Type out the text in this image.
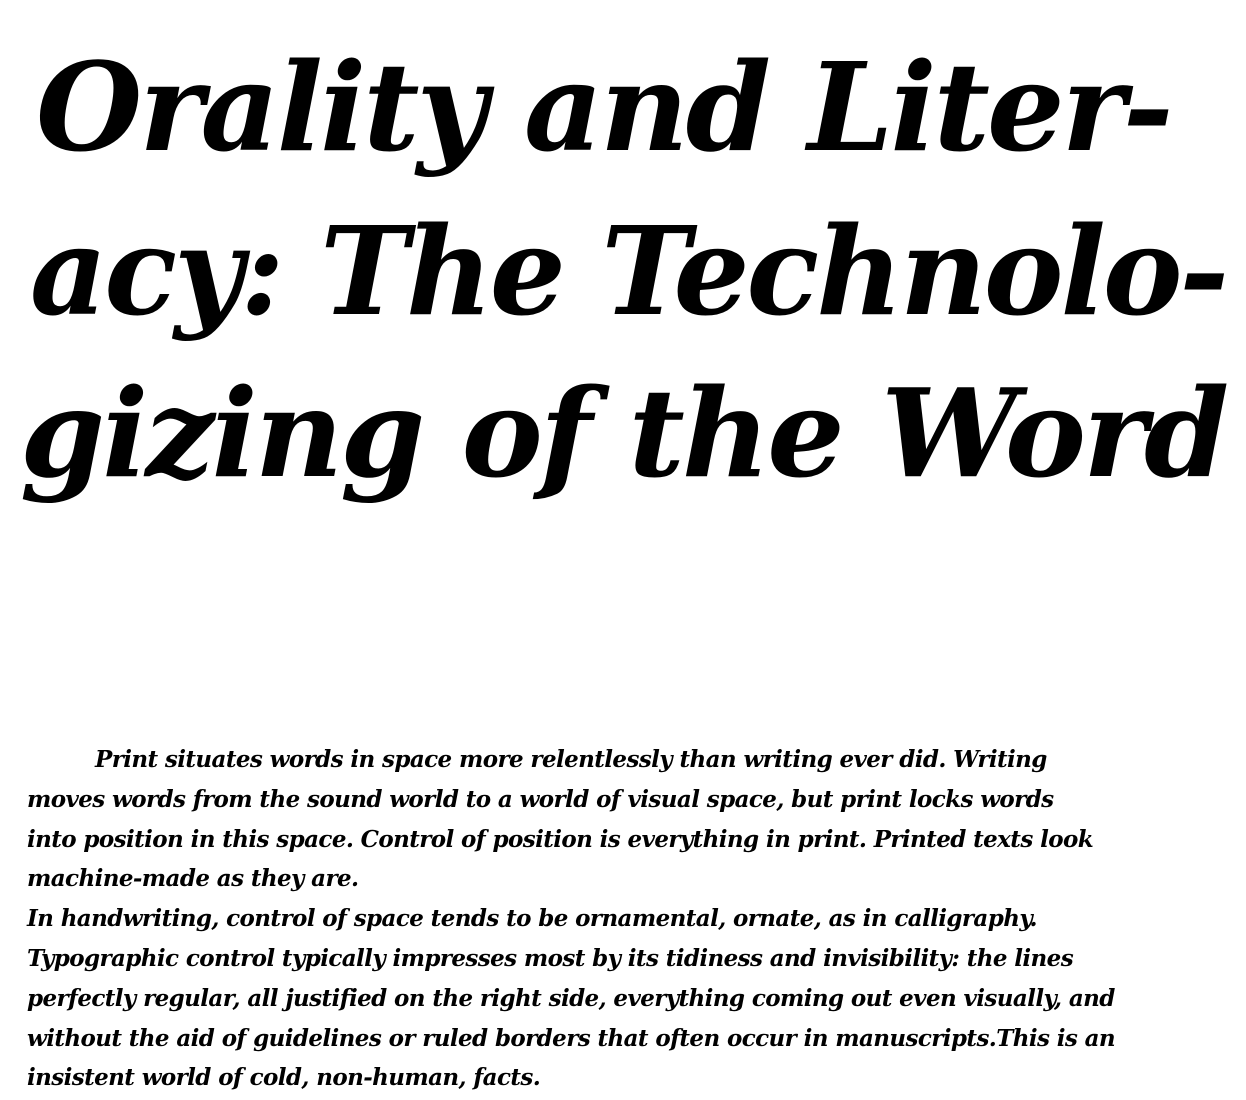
Orality and Liter-
acy: The Technolo-
gizing of the Word
Print situates words in space more relentlessly than writing ever did. Writing
moves words from the sound world to a world of visual space, but print locks words
into position in this space. Control of position is everything in print. Printed texts look
machine-made as they are.
In handwriting, control of space tends to be ornamental, ornate, as in calligraphy.
Typographic control typically impresses most by its tidiness and invisibility: the lines
perfectly regular, all justified on the right side, everything coming out even visually, and
without the aid of guidelines or ruled borders that often occur in manuscripts.This is an
insistent world of cold, non-human, facts.
